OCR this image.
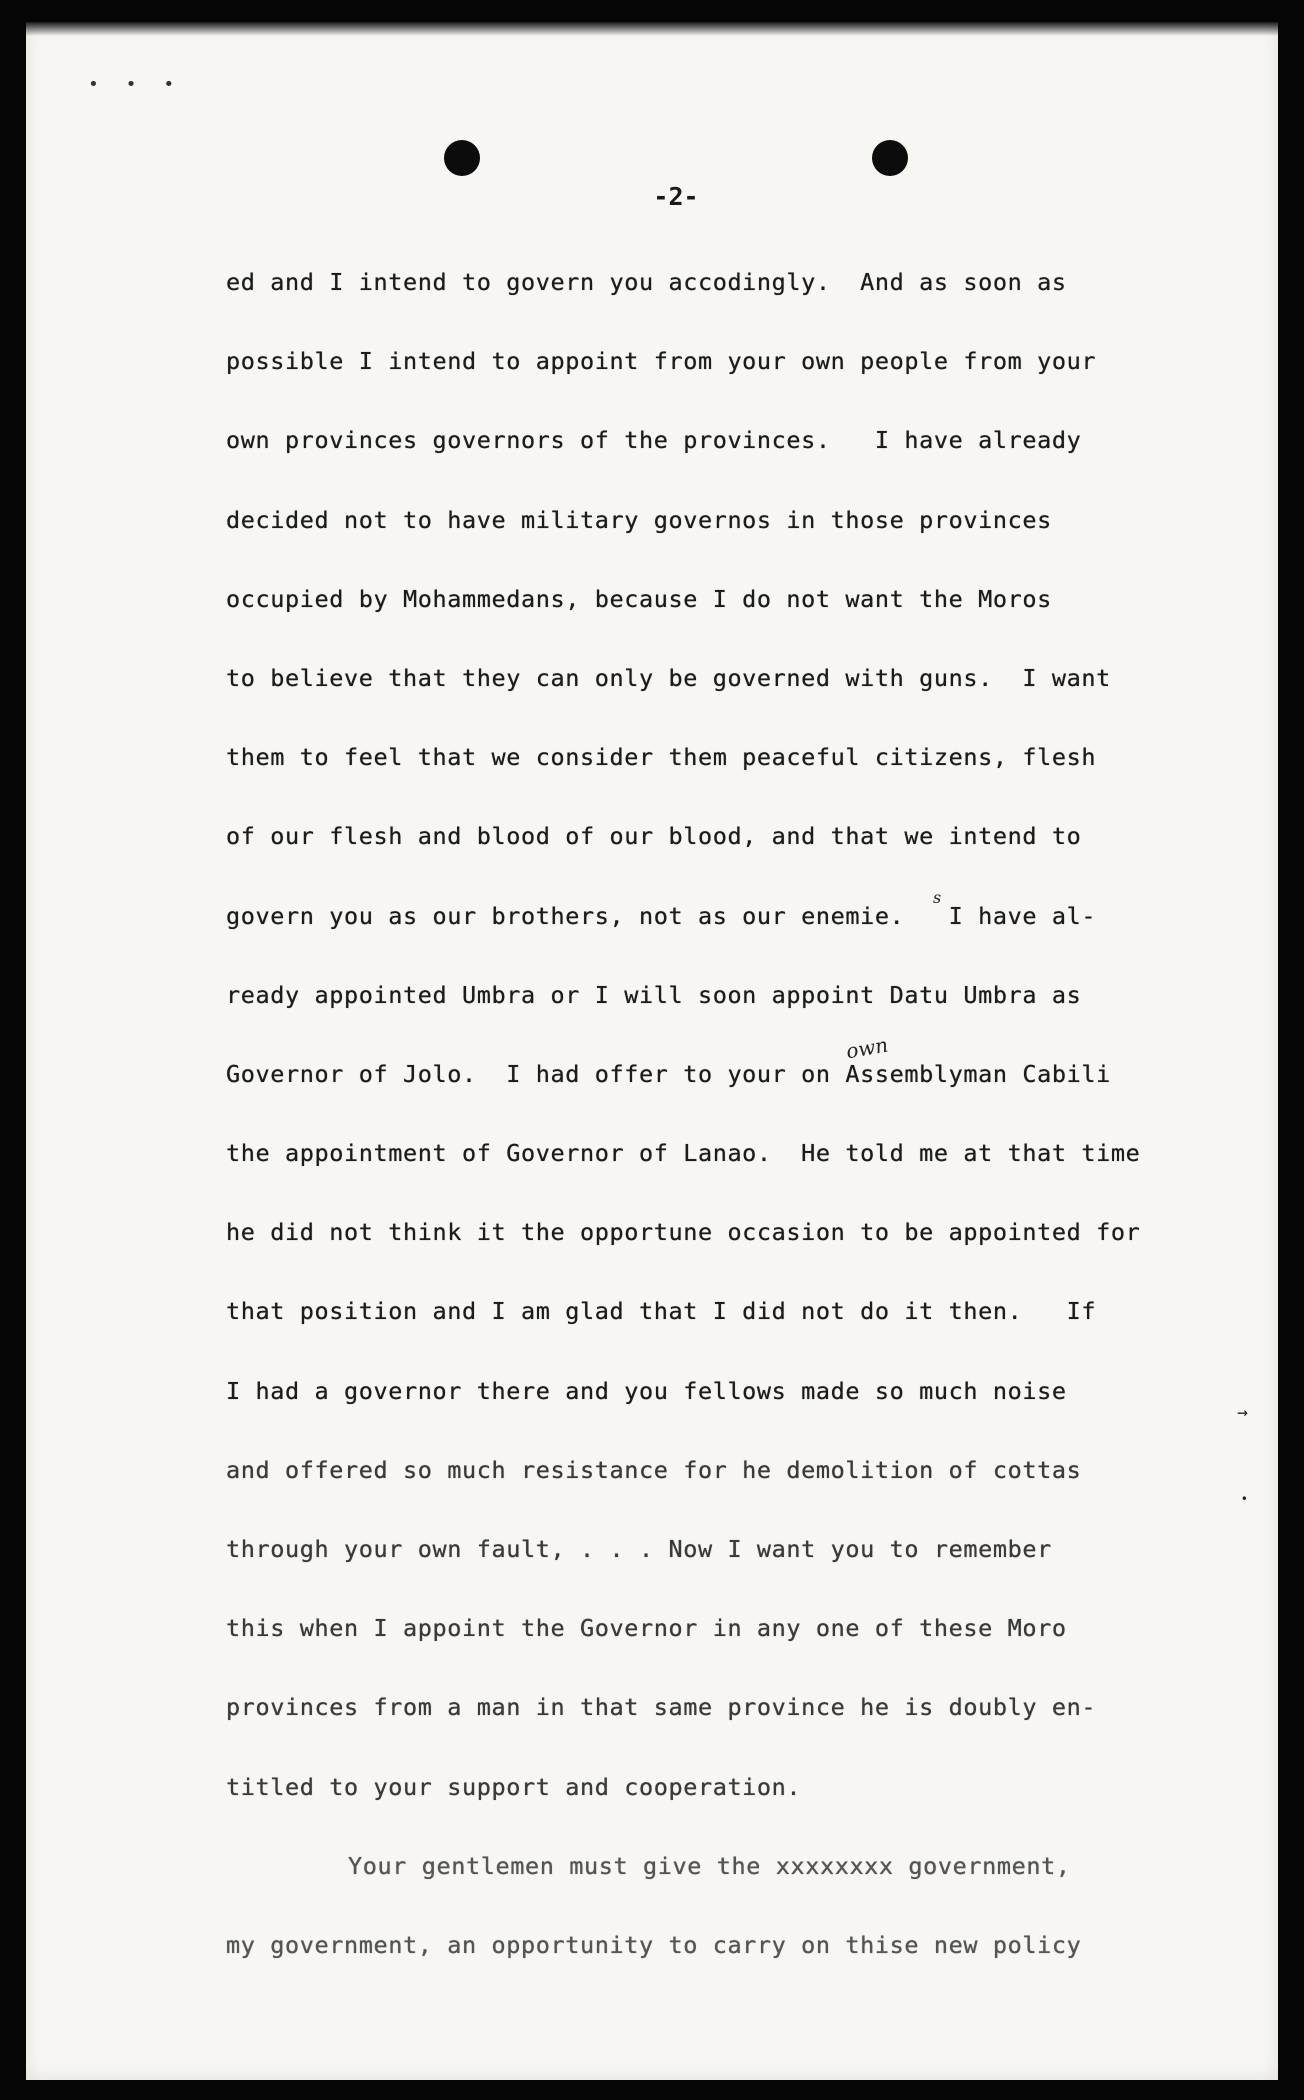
• • •
-2-
own
s
→
•
ed and I intend to govern you accodingly.  And as soon as
possible I intend to appoint from your own people from your
own provinces governors of the provinces.   I have already
decided not to have military governos in those provinces
occupied by Mohammedans, because I do not want the Moros
to believe that they can only be governed with guns.  I want
them to feel that we consider them peaceful citizens, flesh
of our flesh and blood of our blood, and that we intend to
govern you as our brothers, not as our enemie.   I have al-
ready appointed Umbra or I will soon appoint Datu Umbra as
Governor of Jolo.  I had offer to your on Assemblyman Cabili
the appointment of Governor of Lanao.  He told me at that time
he did not think it the opportune occasion to be appointed for
that position and I am glad that I did not do it then.   If
I had a governor there and you fellows made so much noise
and offered so much resistance for he demolition of cottas
through your own fault, . . . Now I want you to remember
this when I appoint the Governor in any one of these Moro
provinces from a man in that same province he is doubly en-
titled to your support and cooperation.
Your gentlemen must give the xxxxxxxx government,
my government, an opportunity to carry on thise new policy
